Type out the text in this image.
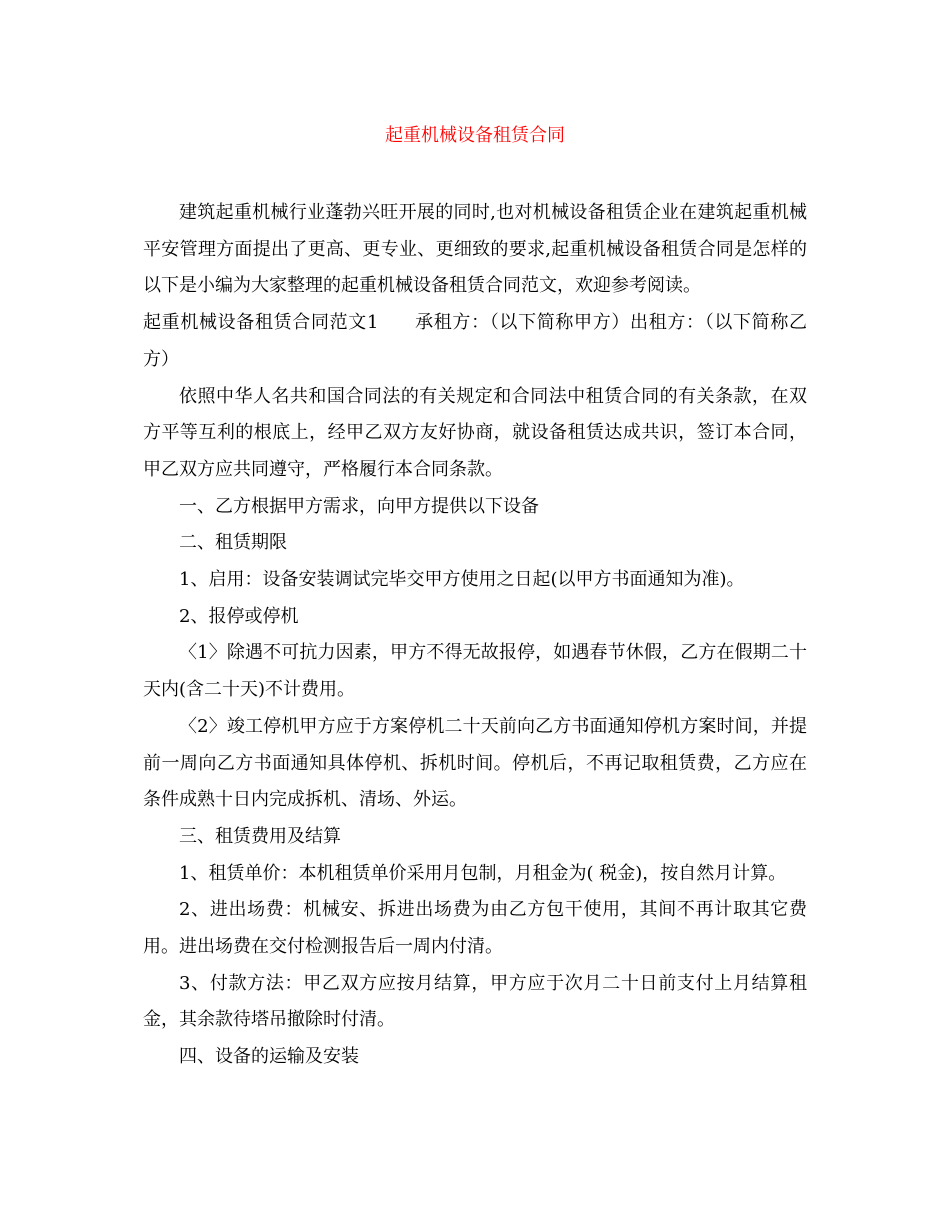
起重机械设备租赁合同

建筑起重机械行业蓬勃兴旺开展的同时,也对机械设备租赁企业在建筑起重机械平安管理方面提出了更高、更专业、更细致的要求,起重机械设备租赁合同是怎样的以下是小编为大家整理的起重机械设备租赁合同范文，欢迎参考阅读。

起重机械设备租赁合同范文1 承租方：（以下简称甲方）出租方：（以下简称乙方）

依照中华人名共和国合同法的有关规定和合同法中租赁合同的有关条款，在双方平等互利的根底上，经甲乙双方友好协商，就设备租赁达成共识，签订本合同，甲乙双方应共同遵守，严格履行本合同条款。

一、乙方根据甲方需求，向甲方提供以下设备

二、租赁期限

1、启用：设备安装调试完毕交甲方使用之日起(以甲方书面通知为准)。

2、报停或停机

〈1〉除遇不可抗力因素，甲方不得无故报停，如遇春节休假，乙方在假期二十天内(含二十天)不计费用。

〈2〉竣工停机甲方应于方案停机二十天前向乙方书面通知停机方案时间，并提前一周向乙方书面通知具体停机、拆机时间。停机后，不再记取租赁费，乙方应在条件成熟十日内完成拆机、清场、外运。

三、租赁费用及结算

1、租赁单价：本机租赁单价采用月包制，月租金为( 税金)，按自然月计算。

2、进出场费：机械安、拆进出场费为由乙方包干使用，其间不再计取其它费用。进出场费在交付检测报告后一周内付清。

3、付款方法：甲乙双方应按月结算，甲方应于次月二十日前支付上月结算租金，其余款待塔吊撤除时付清。

四、设备的运输及安装
